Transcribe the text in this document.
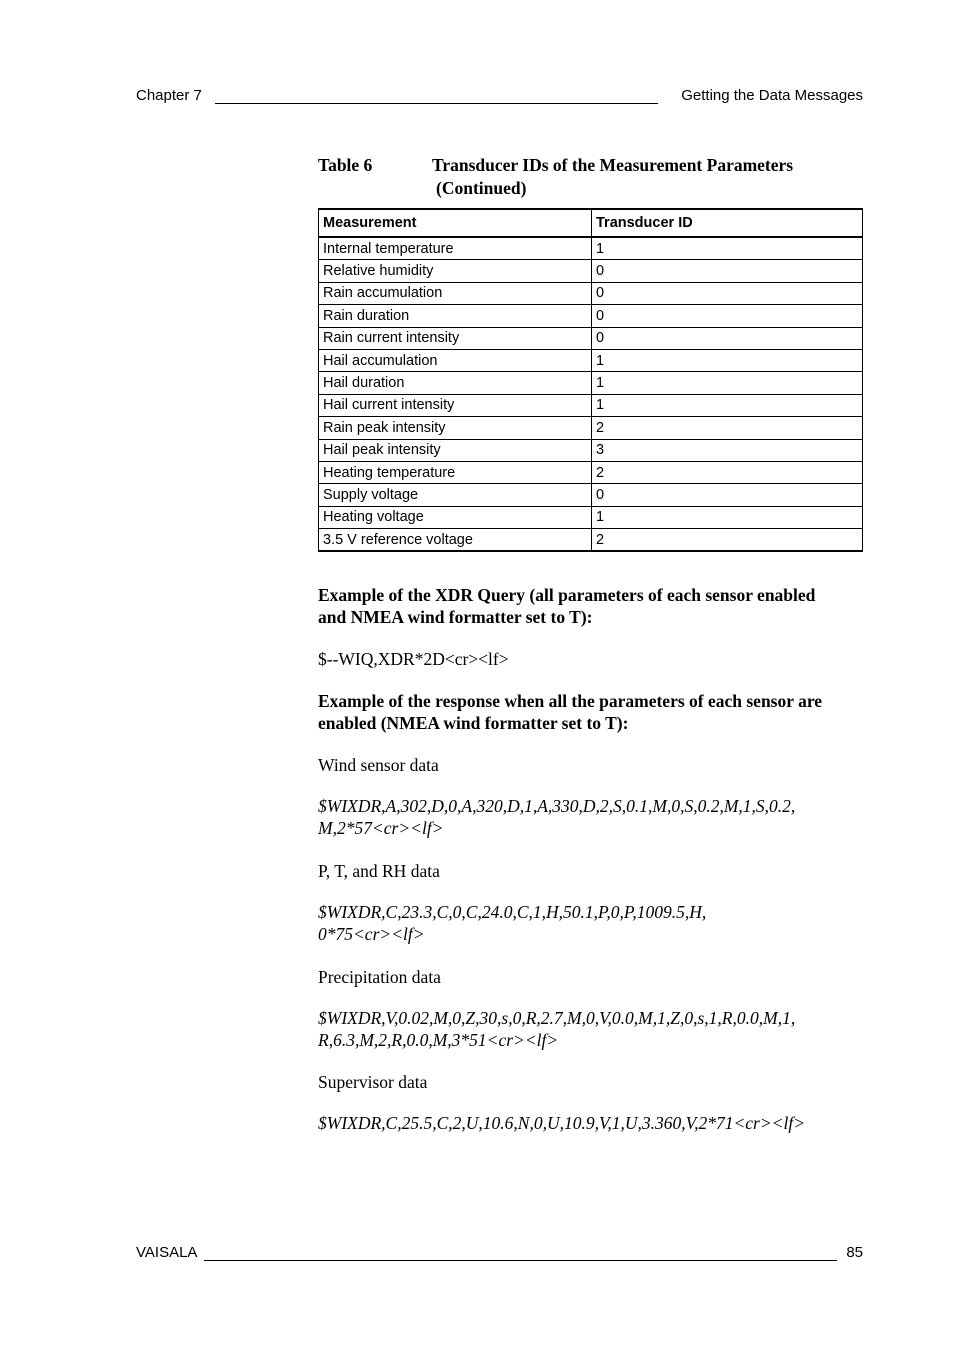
Chapter 7	Getting the Data Messages
Table 6	Transducer IDs of the Measurement Parameters
(Continued)
Measurement	Transducer ID
Internal temperature	1
Relative humidity	0
Rain accumulation	0
Rain duration	0
Rain current intensity	0
Hail accumulation	1
Hail duration	1
Hail current intensity	1
Rain peak intensity	2
Hail peak intensity	3
Heating temperature	2
Supply voltage	0
Heating voltage	1
3.5 V reference voltage	2
Example of the XDR Query (all parameters of each sensor enabled
and NMEA wind formatter set to T):
$--WIQ,XDR*2D<cr><lf>
Example of the response when all the parameters of each sensor are
enabled (NMEA wind formatter set to T):
Wind sensor data
$WIXDR,A,302,D,0,A,320,D,1,A,330,D,2,S,0.1,M,0,S,0.2,M,1,S,0.2,
M,2*57<cr><lf>
P, T, and RH data
$WIXDR,C,23.3,C,0,C,24.0,C,1,H,50.1,P,0,P,1009.5,H,
0*75<cr><lf>
Precipitation data
$WIXDR,V,0.02,M,0,Z,30,s,0,R,2.7,M,0,V,0.0,M,1,Z,0,s,1,R,0.0,M,1,
R,6.3,M,2,R,0.0,M,3*51<cr><lf>
Supervisor data
$WIXDR,C,25.5,C,2,U,10.6,N,0,U,10.9,V,1,U,3.360,V,2*71<cr><lf>
VAISALA	85
